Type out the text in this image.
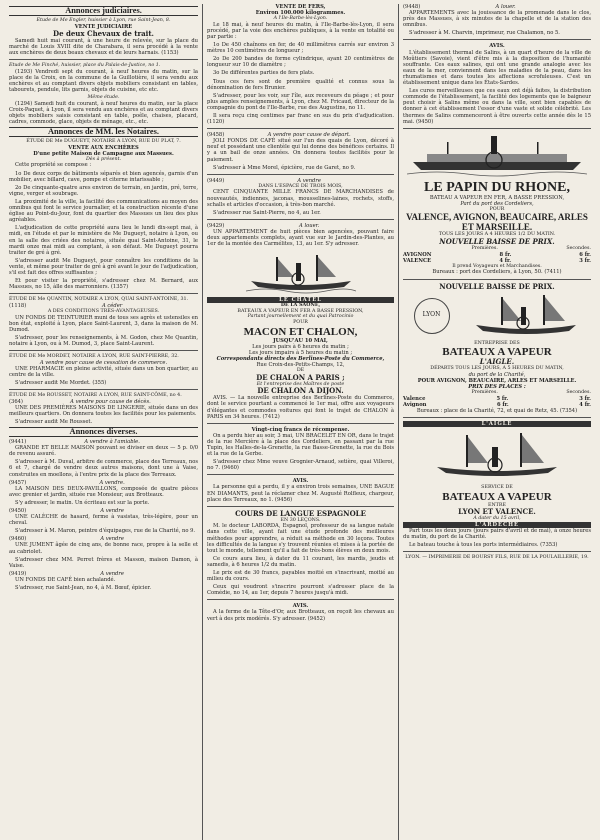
Annonces judiciaires.
Etude de Me Engler, huissier à Lyon, rue Saint-Jean, 8.
VENTE JUDICIAIRE
De deux Chevaux de trait.

Samedi huit mai courant, à une heure de relevée, sur la place du marché de Louis XVIII dite de Charabara, il sera procédé à la vente aux enchères de deux beaux chevaux et de leurs harnais. (1153)

Etude de Me Finché, huissier, place du Palais-de-Justice, no 1.

(1293) Vendredi sept du courant, à neuf heures du matin, sur la place de la Croix, en la commune de la Guillotière, il sera vendu aux enchères et au comptant divers objets mobiliers consistant en tables, tabourets, pendule, lits garnis, objets de cuisine, etc etc.

Même étude.

(1294) Samedi huit du courant, à neuf heures du matin, sur la place Croix-Paquet, à Lyon, il sera vendu aux enchères et au comptant divers objets mobiliers saisis consistant en table, poêle, chaises, placard, cadres, commode, glace, objets de ménage, etc., etc.

Annonces de MM. les Notaires.
ÉTUDE DE Me DUGUEYT, NOTAIRE A LYON, RUE DU PLAT, 7.
VENTE AUX ENCHÈRES
D'une petite Maison de Campagne aux Massues.
Dès à présent.

Cette propriété se compose :

1o De deux corps de bâtiments séparés et bien agencés, garnis d'un mobilier, avec billard, cave, pompe et citerne intarissable ;

2o De cinquante-quatre ares environ de terrain, en jardin, pré, terre, vigne, verger et soubrage.

La proximité de la ville, la facilité des communications au moyen des omnibus qui font le service journalier, et la construction récente d'une église au Point-du-Jour, font du quartier des Massues un lieu des plus agréables.

L'adjudication de cette propriété aura lieu le lundi dix-sept mai, à midi, en l'étude et par le ministère de Me Dugueyt, notaire à Lyon, ou en la salle des criées des notaires, située quai Saint-Antoine, 31, le mardi onze mai midi au comptant, à son défaut. Me Dugueyt pourra traiter de gré à gré.

S'adresser audit Me Dugueyt, pour connaître les conditions de la vente, et même pour traiter de gré à gré avant le jour de l'adjudication, s'il est fait des offres suffisantes ;

Et pour visiter la propriété, s'adresser chez M. Bernard, aux Massues, no 15, àlle des marronniers. (1357)

ÉTUDE DE Me QUANTIN, NOTAIRE A LYON, QUAI SAINT-ANTOINE, 31.
(1118)	A céder
A DES CONDITIONS TRÈS-AVANTAGEUSES.

UN FONDS DE TEINTURIER muni de tous ses agrès et ustensiles en bon état, exploité à Lyon, place Saint-Laurent, 3, dans la maison de M. Dumod.

S'adresser, pour les renseignements, à M. Godon, chez Me Quantin, notaire à Lyon, ou à M. Dumod, 3, place Saint-Laurent.

ÉTUDE DE Me MORDET, NOTAIRE A LYON, RUE SAINT-PIERRE, 32.
A vendre pour cause de cessation de commerce.

UNE PHARMACIE en pleine activité, située dans un bon quartier, au centre de la ville.

S'adresser audit Me Mordet. (355)

ÉTUDE DE Me ROUSSET, NOTAIRE A LYON, RUE SAINT-CÔME, no 4.
(364)	A vendre pour cause de décès.

UNE DES PREMIÈRES MAISONS DE LINGERIE, située dans un des meilleurs quartiers. On donnera toutes les facilités pour les paiements.

S'adresser audit Me Rousset.

Annonces diverses.
(9441)	A vendre à l'amiable.

GRANDE ET BELLE MAISON pouvant se diviser en deux — 5 p. 0/0 de revenu assuré.

S'adresser à M. Duval, arbitre de commerce, place des Terreaux, nos 6 et 7, chargé de vendre deux autres maisons, dont une à Vaise, construites en moellons, à l'entre prix de la place des Terreaux.

(9457)	A vendre.

LA MAISON DES DEUX-PAVILLONS, composée de quatre pièces avec grenier et jardin, située rue Monsieur, aux Brotteaux.

S'y adresser, le matin. Un écriteau est sur la porte.

(9450)	A vendre

UNE CALÈCHE de hasard, ferme à vasistas, très-légère, pour un cheval.

S'adresser à M. Maron, peintre d'équipages, rue de la Charité, no 9.

(9460)	A vendre

UNE JUMENT âgée de cinq ans, de bonne race, propre à la selle et au cabriolet.

S'adresser chez MM. Perret frères et Masson, maison Damon, à Vaise.

(9419)	A vendre

UN FONDS DE CAFÉ bien achalandé.

S'adresser, rue Saint-Jean, no 4, à M. Bœuf, épicier.

VENTE DE FERS,
Environ 100.000 kilogrammes.
A l'Ile-Barbe-lès-Lyon.

Le 18 mai, à neuf heures du matin, à l'Ile-Barbe-lès-Lyon, il sera procédé, par la voie des enchères publiques, à la vente en totalité ou par partie :

1o De 450 chaînons en fer, de 40 millimètres carrés sur environ 3 mètres 10 centimètres de longueur ;

2o De 200 bandes de forme cylindrique, ayant 20 centimètres de longueur sur 10 de diamètre ;

3o De différentes parties de fers plats.

Tous ces fers sont de première qualité et connus sous la dénomination de fers Brunier.

S'adresser, pour les voir, sur l'île, aux receveurs du péage ; et pour plus amples renseignements, à Lyon, chez M. Fricaud, directeur de la compagnie du pont de l'Ile-Barbe, rue des Augustins, no 11.

Il sera reçu cinq centimes par franc en sus du prix d'adjudication. (1120)

(9458)	A vendre pour cause de départ.

JOLI FONDS DE CAFÉ situé sur l'un des quais de Lyon, décoré à neuf et possédant une clientèle qui lui donne des bénéfices certains. Il y a un bail de onze années. On donnera toutes facilités pour le paiement.

S'adresser à Mme Morel, épicière, rue de Garet, no 9.

(9449)	A vendre
DANS L'ESPACE DE TROIS MOIS,

CENT CINQUANTE MILLE FRANCS DE MARCHANDISES de nouveautés, indiennes, jaconas, mousselines-laines, rochets, stoffs, schalls et articles d'occasion, à très-bon marché.

S'adresser rue Saint-Pierre, no 4, au 1er.

(9429)	A louer.

UN APPARTEMENT de huit pièces bien agencées, pouvant faire deux appartements complets, ayant vue sur le Jardin-des-Plantes, au 1er de la montée des Carmélites, 13, au 1er. S'y adresser.

LE CHATEL
DE LA SAÔNE,
BATEAUX A VAPEUR EN FER A BASSE PRESSION,
Partant journellement et du quai Patrocinio
POUR
MACON ET CHALON,
JUSQU'AU 10 MAI,
Les jours pairs à 6 heures du matin ;
Les jours impairs à 5 heures du matin ;
Correspondants directs des Berlines-Poste du Commerce,
Rue Croix-des-Petits-Champs, 12,
DE
DE CHALON A PARIS ;
Et l'entreprise des Maîtres de poste
DE CHALON A DIJON.

AVIS. — La nouvelle entreprise des Berlines-Poste du Commerce, dont le service pourtant a commencé le 1er mai, offre aux voyageurs d'élégantes et commodes voitures qui font le trajet de CHALON à PARIS en 34 heures. (7412)

Vingt-cinq francs de récompense.

On a perdu hier au soir, 3 mai, UN BRACELET EN OR, dans le trajet de la rue Mercière à la place des Cordeliers, en passant par la rue Tupin, les Halles-de-la-Grenette, la rue Basse-Grenette, la rue du Bois et la rue de la Gerbe.

S'adresser chez Mme veuve Grognier-Arnaud, setière, quai Villeroi, no 7. (9460)

AVIS.

La personne qui a perdu, il y a environ trois semaines, UNE BAGUE EN DIAMANTS, peut la réclamer chez M. Augusté Rolfleux, chargeur, place des Terreaux, no 1. (9456)

COURS DE LANGUE ESPAGNOLE
EN 30 LEÇONS.

M. le docteur LABORDA, Espagnol, professeur de sa langue natale dans cette ville, ayant fait une étude profonde des meilleures méthodes pour apprendre, a réduit sa méthode en 30 leçons. Toutes les difficultés de la langue s'y trouvent réunies et mises à la portée de tout le monde, tellement qu'il a fait de très-bons élèves en deux mois.

Ce cours aura lieu, à dater du 11 courant, les mardis, jeudis et samedis, à 6 heures 1/2 du matin.

Le prix est de 30 francs, payables moitié en s'inscrivant, moitié au milieu du cours.

Ceux qui voudront s'inscrire pourront s'adresser place de la Comédie, no 14, au 1er, depuis 7 heures jusqu'à midi.

AVIS.

A la ferme de la Tête-d'Or, aux Brotteaux, on reçoit les chevaux au vert à des prix modérés. S'y adresser. (9452)

(9448)	A louer.

APPARTEMENTS avec la jouissance de la promenade dans le clos, près des Massues, à six minutes de la chapelle et de la station des omnibus.

S'adresser à M. Charvin, imprimeur, rue Chalamon, no 5.

AVIS.

L'établissement thermal de Salins, à un quart d'heure de la ville de Moûtiers (Savoie), vient d'être mis à la disposition de l'humanité souffrante. Ces eaux salines, qui ont une grande analogie avec les eaux de la mer, conviennent dans les maladies de la peau, dans les rhumatismes et dans toutes les affections scrofuleuses. C'est un établissement unique dans les États-Sardes.

Les cures merveilleuses que ces eaux ont déjà faites, la distribution commode de l'établissement, la facilité des logements que le baigneur peut choisir à Salins même ou dans la ville, sont bien capables de donner à cet établissement l'essor d'une vaste et solide célébrité. Les thermes de Salins commenceront à être ouverts cette année dès le 15 mai. (9450)

LE PAPIN DU RHONE,
BATEAU A VAPEUR EN FER, A BASSE PRESSION,
Part du port des Cordeliers,
POUR
VALENCE, AVIGNON, BEAUCAIRE, ARLES ET MARSEILLE.
TOUS LES JOURS A 4 HEURES 1/2 DU MATIN.
NOUVELLE BAISSE DE PRIX.
Premières.	Secondes.
AVIGNON	8 fr.	6 fr.
VALENCE	4 fr.	3 fr.
Il prend Voyageurs et Marchandises.
Bureaux : port des Cordeliers, à Lyon, 50. (7411)
NOUVELLE BAISSE DE PRIX.
LYON
ENTREPRISE DES
BATEAUX A VAPEUR
L'AIGLE.
DÉPARTS TOUS LES JOURS, A 5 HEURES DU MATIN,
du port de la Charité,
POUR AVIGNON, BEAUCAIRE, ARLES ET MARSEILLE.
PRIX DES PLACES :
Premières.	Secondes.
Valence	5 fr.	3 fr.
Avignon	6 fr.	4 fr.
Bureaux : place de la Charité, 72, et quai de Retz, 45. (7354)
L'AIGLE
SERVICE DE
BATEAUX A VAPEUR
ENTRE
LYON ET VALENCE.
A dater du 15 avril,
L'ARDÈCHE

Part tous les deux jours (jours pairs d'avril et de mai), à onze heures du matin, du port de la Charité.

Le bateau touche à tous les ports intermédiaires. (7353)

LYON. — IMPRIMERIE DE BOURSY FILS, RUE DE LA POULAILLERIE, 19.
